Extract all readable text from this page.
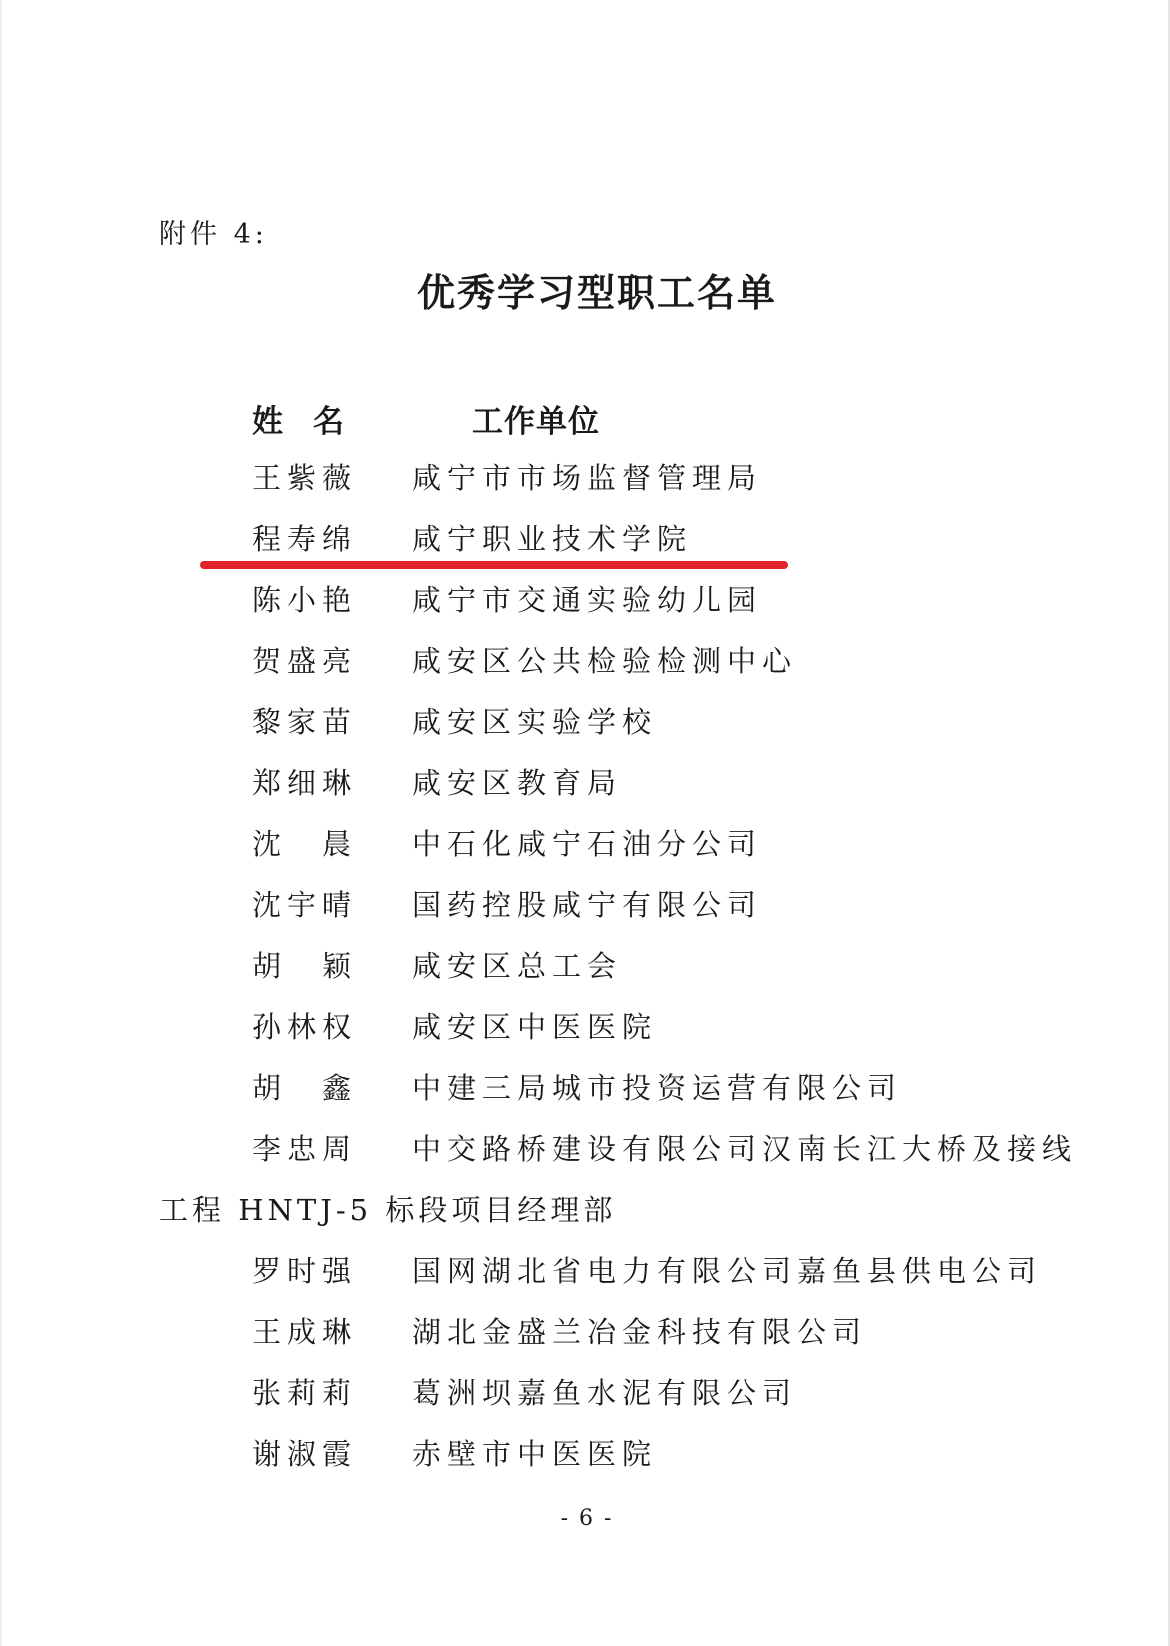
附件 4:
优秀学习型职工名单
姓名	工作单位
王紫薇 咸宁市市场监督管理局
程寿绵 咸宁职业技术学院
陈小艳 咸宁市交通实验幼儿园
贺盛亮 咸安区公共检验检测中心
黎家苗 咸安区实验学校
郑细琳 咸安区教育局
沈　晨 中石化咸宁石油分公司
沈宇晴 国药控股咸宁有限公司
胡　颖 咸安区总工会
孙林权 咸安区中医医院
胡　鑫 中建三局城市投资运营有限公司
李忠周 中交路桥建设有限公司汉南长江大桥及接线
工程 HNTJ-5 标段项目经理部
罗时强 国网湖北省电力有限公司嘉鱼县供电公司
王成琳 湖北金盛兰冶金科技有限公司
张莉莉 葛洲坝嘉鱼水泥有限公司
谢淑霞 赤壁市中医医院
- 6 -
